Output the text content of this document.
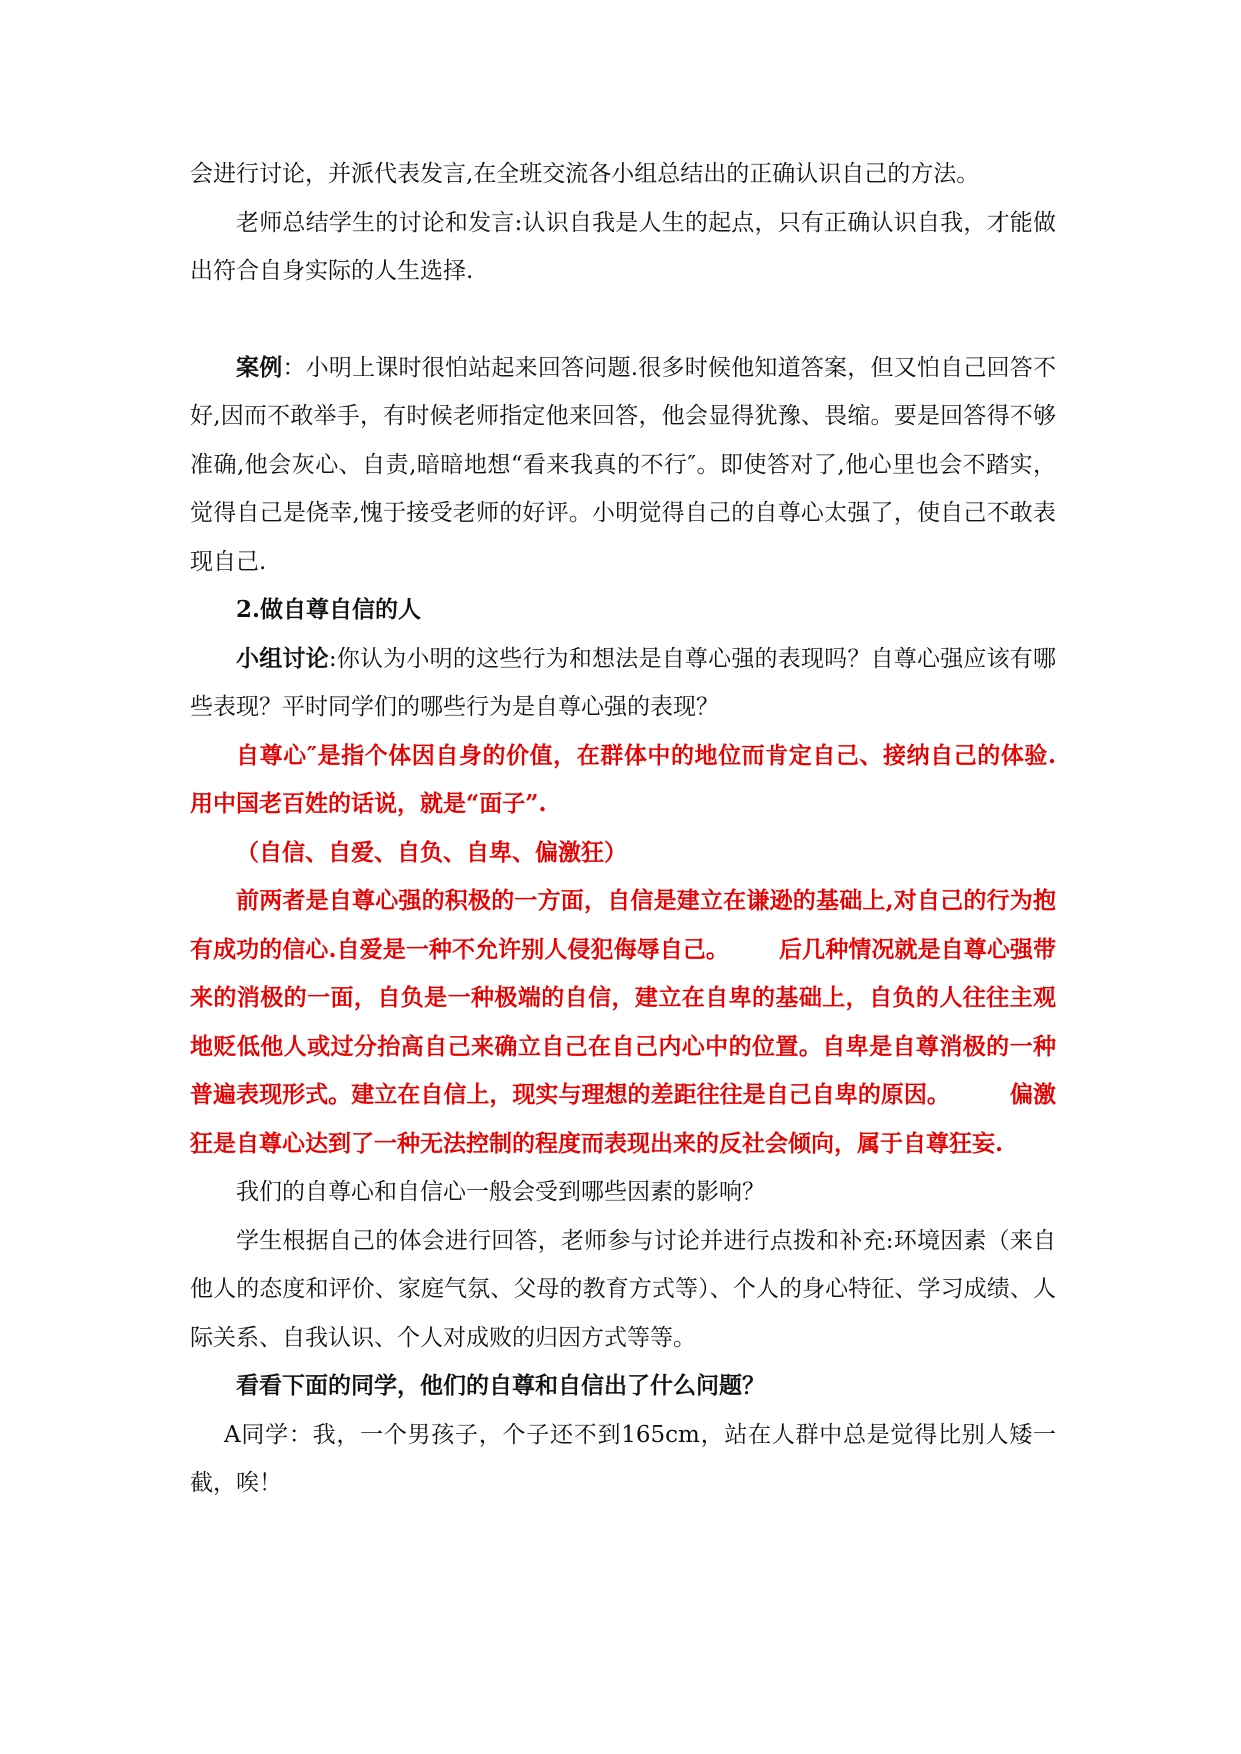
会进行讨论，并派代表发言,在全班交流各小组总结出的正确认识自己的方法。

老师总结学生的讨论和发言:认识自我是人生的起点，只有正确认识自我，才能做出符合自身实际的人生选择.

案例：小明上课时很怕站起来回答问题.很多时候他知道答案，但又怕自己回答不好,因而不敢举手，有时候老师指定他来回答，他会显得犹豫、畏缩。要是回答得不够准确,他会灰心、自责,暗暗地想“看来我真的不行″。即使答对了,他心里也会不踏实，觉得自己是侥幸,愧于接受老师的好评。小明觉得自己的自尊心太强了，使自己不敢表现自己.

2.做自尊自信的人

小组讨论:你认为小明的这些行为和想法是自尊心强的表现吗？自尊心强应该有哪些表现？平时同学们的哪些行为是自尊心强的表现？

自尊心″是指个体因自身的价值，在群体中的地位而肯定自己、接纳自己的体验.用中国老百姓的话说，就是“面子”.

（自信、自爱、自负、自卑、偏激狂）

前两者是自尊心强的积极的一方面，自信是建立在谦逊的基础上,对自己的行为抱有成功的信心.自爱是一种不允许别人侵犯侮辱自己。 后几种情况就是自尊心强带来的消极的一面，自负是一种极端的自信，建立在自卑的基础上，自负的人往往主观地贬低他人或过分抬高自己来确立自己在自己内心中的位置。自卑是自尊消极的一种普遍表现形式。建立在自信上，现实与理想的差距往往是自己自卑的原因。	偏激狂是自尊心达到了一种无法控制的程度而表现出来的反社会倾向，属于自尊狂妄.

我们的自尊心和自信心一般会受到哪些因素的影响？

学生根据自己的体会进行回答，老师参与讨论并进行点拨和补充:环境因素（来自他人的态度和评价、家庭气氛、父母的教育方式等）、个人的身心特征、学习成绩、人际关系、自我认识、个人对成败的归因方式等等。

看看下面的同学，他们的自尊和自信出了什么问题？

A同学：我，一个男孩子，个子还不到165cm，站在人群中总是觉得比别人矮一截，唉！
